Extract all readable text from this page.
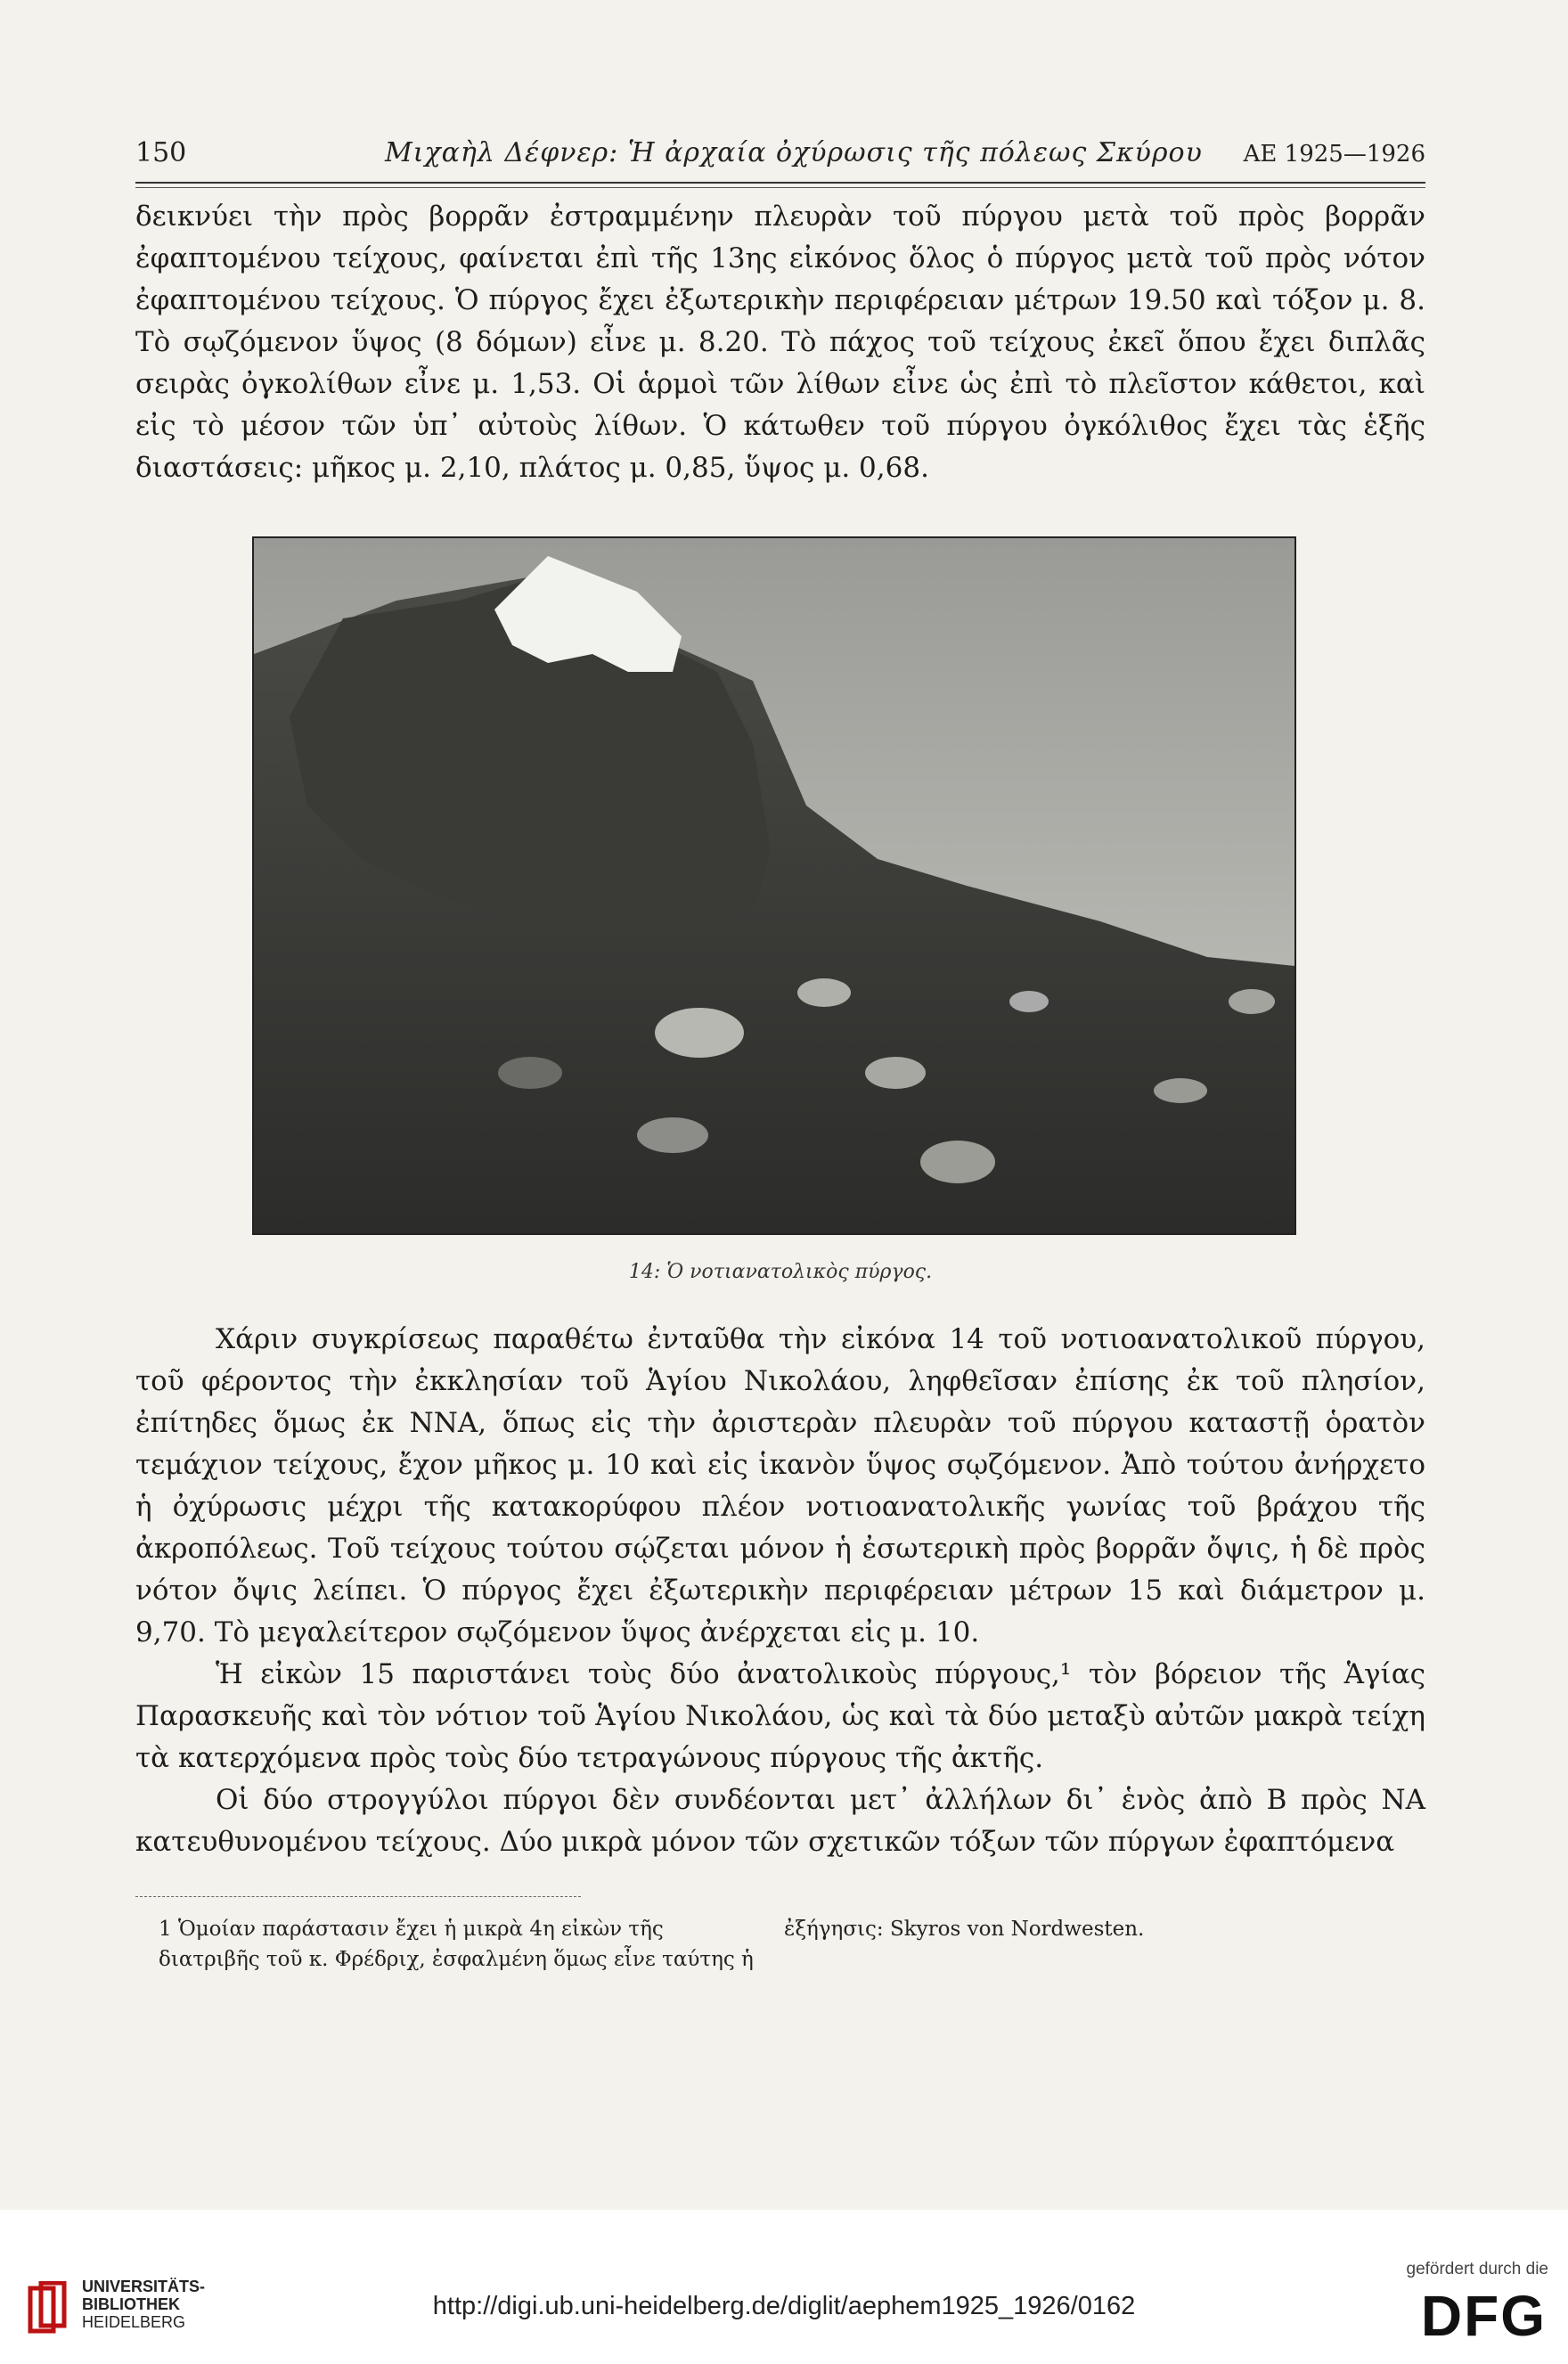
150	Μιχαὴλ Δέφνερ: Ἡ ἀρχαία ὀχύρωσις τῆς πόλεως Σκύρου ΑΕ 1925—1926

δεικνύει τὴν πρὸς βορρᾶν ἐστραμμένην πλευρὰν τοῦ πύργου μετὰ τοῦ πρὸς βορρᾶν ἐφαπτομένου τείχους, φαίνεται ἐπὶ τῆς 13ης εἰκόνος ὅλος ὁ πύργος μετὰ τοῦ πρὸς νότον ἐφαπτομένου τείχους. Ὁ πύργος ἔχει ἐξωτερικὴν περιφέρειαν μέτρων 19.50 καὶ τόξον μ. 8. Τὸ σῳζόμενον ὕψος (8 δόμων) εἶνε μ. 8.20. Τὸ πάχος τοῦ τείχους ἐκεῖ ὅπου ἔχει διπλᾶς σειρὰς ὀγκολίθων εἶνε μ. 1,53. Οἱ ἁρμοὶ τῶν λίθων εἶνε ὡς ἐπὶ τὸ πλεῖστον κάθετοι, καὶ εἰς τὸ μέσον τῶν ὑπ᾿ αὐτοὺς λίθων. Ὁ κάτωθεν τοῦ πύργου ὀγκόλιθος ἔχει τὰς ἑξῆς διαστάσεις: μῆκος μ. 2,10, πλάτος μ. 0,85, ὕψος μ. 0,68.

14: Ὁ νοτιανατολικὸς πύργος.

Χάριν συγκρίσεως παραθέτω ἐνταῦθα τὴν εἰκόνα 14 τοῦ νοτιοανατολικοῦ πύργου, τοῦ φέροντος τὴν ἐκκλησίαν τοῦ Ἁγίου Νικολάου, ληφθεῖσαν ἐπίσης ἐκ τοῦ πλησίον, ἐπίτηδες ὅμως ἐκ ΝΝΑ, ὅπως εἰς τὴν ἀριστερὰν πλευρὰν τοῦ πύργου καταστῇ ὁρατὸν τεμάχιον τείχους, ἔχον μῆκος μ. 10 καὶ εἰς ἱκανὸν ὕψος σῳζόμενον. Ἀπὸ τούτου ἀνήρχετο ἡ ὀχύρωσις μέχρι τῆς κατακορύφου πλέον νοτιοανατολικῆς γωνίας τοῦ βράχου τῆς ἀκροπόλεως. Τοῦ τείχους τούτου σῴζεται μόνον ἡ ἐσωτερικὴ πρὸς βορρᾶν ὄψις, ἡ δὲ πρὸς νότον ὄψις λείπει. Ὁ πύργος ἔχει ἐξωτερικὴν περιφέρειαν μέτρων 15 καὶ διάμετρον μ. 9,70. Τὸ μεγαλείτερον σῳζόμενον ὕψος ἀνέρχεται εἰς μ. 10.

Ἡ εἰκὼν 15 παριστάνει τοὺς δύο ἀνατολικοὺς πύργους,¹ τὸν βόρειον τῆς Ἁγίας Παρασκευῆς καὶ τὸν νότιον τοῦ Ἁγίου Νικολάου, ὡς καὶ τὰ δύο μεταξὺ αὐτῶν μακρὰ τείχη τὰ κατερχόμενα πρὸς τοὺς δύο τετραγώνους πύργους τῆς ἀκτῆς.

Οἱ δύο στρογγύλοι πύργοι δὲν συνδέονται μετ᾿ ἀλλήλων δι᾿ ἑνὸς ἀπὸ Β πρὸς ΝΑ κατευθυνομένου τείχους. Δύο μικρὰ μόνον τῶν σχετικῶν τόξων τῶν πύργων ἐφαπτόμενα

1 Ὁμοίαν παράστασιν ἔχει ἡ μικρὰ 4η εἰκὼν τῆς διατριβῆς τοῦ κ. Φρέδριχ, ἐσφαλμένη ὅμως εἶνε ταύτης ἡ
ἐξήγησις: Skyros von Nordwesten.
UNIVERSITÄTS-
BIBLIOTHEK
HEIDELBERG
http://digi.ub.uni-heidelberg.de/diglit/aephem1925_1926/0162
gefördert durch die
DFG
